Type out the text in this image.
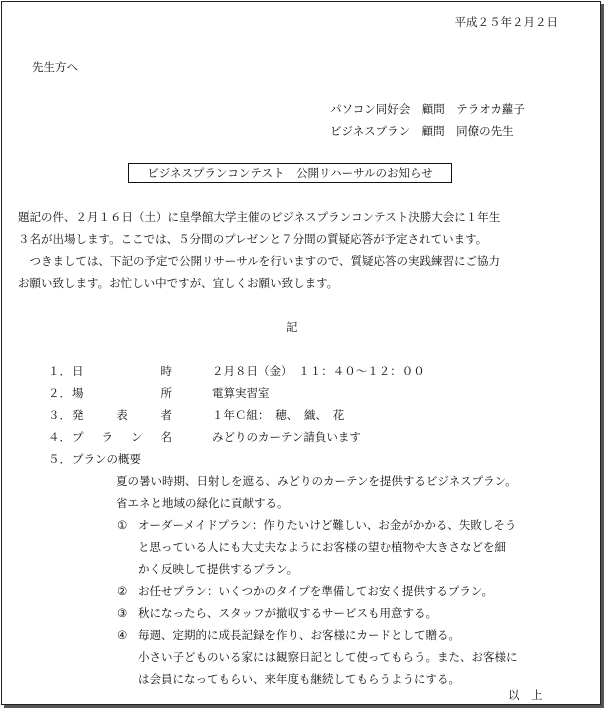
平成２５年２月２日
先生方へ
パソコン同好会　顧問　テラオカ蘿子
ビジネスプラン　顧問　同僚の先生
ビジネスプランコンテスト　公開リハーサルのお知らせ
題記の件、２月１６日（土）に皇學館大学主催のビジネスプランコンテスト決勝大会に１年生
３名が出場します。ここでは、５分間のプレゼンと７分間の質疑応答が予定されています。
　つきましては、下記の予定で公開リサーサルを行いますので、質疑応答の実践練習にご協力
お願い致します。お忙しい中ですが、宜しくお願い致します。
記
１． 日	時	２月８日（金）　１１：４０〜１２：００
２． 場	所	電算実習室
３． 発	表	者	１年Ｃ組：　穂、　織、　花
４． プ ラ ン 名	みどりのカーテン請負います
５． プランの概要
夏の暑い時期、日射しを遮る、みどりのカーテンを提供するビジネスプラン。
省エネと地域の緑化に貢献する。
① オーダーメイドプラン：作りたいけど難しい、お金がかかる、失敗しそう
と思っている人にも大丈夫なようにお客様の望む植物や大きさなどを細
かく反映して提供するプラン。
② お任せプラン：いくつかのタイプを準備してお安く提供するプラン。
③ 秋になったら、スタッフが撤収するサービスも用意する。
④ 毎週、定期的に成長記録を作り、お客様にカードとして贈る。
小さい子どものいる家には観察日記として使ってもらう。また、お客様に
は会員になってもらい、来年度も継続してもらうようにする。
以　上
